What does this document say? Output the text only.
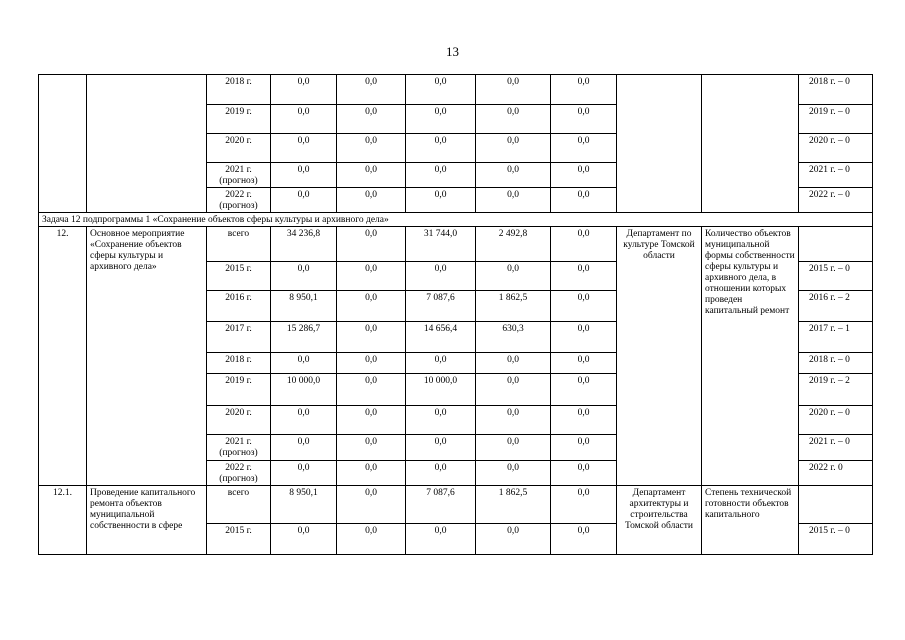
13
		2018 г.	0,0	0,0	0,0	0,0	0,0			2018 г. – 0
		2019 г.	0,0	0,0	0,0	0,0	0,0			2019 г. – 0
		2020 г.	0,0	0,0	0,0	0,0	0,0			2020 г. – 0
		2021 г. (прогноз)	0,0	0,0	0,0	0,0	0,0			2021 г. – 0
		2022 г. (прогноз)	0,0	0,0	0,0	0,0	0,0			2022 г. – 0
Задача 12 подпрограммы 1 «Сохранение объектов сферы культуры и архивного дела»										
12.	Основное мероприятие «Сохранение объектов сферы культуры и архивного дела»	всего	34 236,8	0,0	31 744,0	2 492,8	0,0	Департамент по культуре Томской области	Количество объектов муниципальной формы собственности сферы культуры и архивного дела, в отношении которых проведен капитальный ремонт	
		2015 г.	0,0	0,0	0,0	0,0	0,0			2015 г. – 0
		2016 г.	8 950,1	0,0	7 087,6	1 862,5	0,0			2016 г. – 2
		2017 г.	15 286,7	0,0	14 656,4	630,3	0,0			2017 г. – 1
		2018 г.	0,0	0,0	0,0	0,0	0,0			2018 г. – 0
		2019 г.	10 000,0	0,0	10 000,0	0,0	0,0			2019 г. – 2
		2020 г.	0,0	0,0	0,0	0,0	0,0			2020 г. – 0
		2021 г. (прогноз)	0,0	0,0	0,0	0,0	0,0			2021 г. – 0
		2022 г. (прогноз)	0,0	0,0	0,0	0,0	0,0			2022 г. 0
12.1.	Проведение капитального ремонта объектов муниципальной собственности в сфере	всего	8 950,1	0,0	7 087,6	1 862,5	0,0	Департамент архитектуры и строительства Томской области	Степень технической готовности объектов капитального	
		2015 г.	0,0	0,0	0,0	0,0	0,0			2015 г. – 0
